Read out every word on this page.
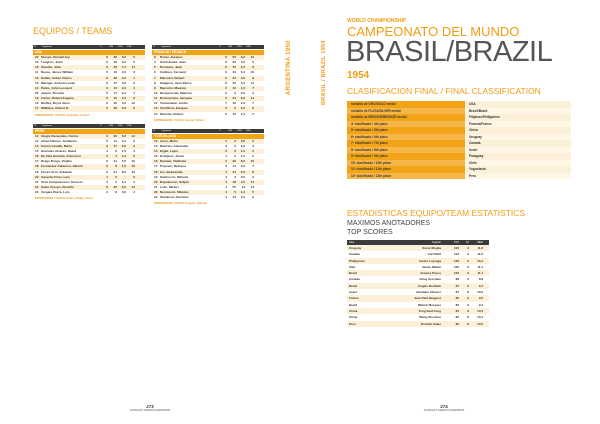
EQUIPOS / TEAMS
ARGENTINA 1950
N°	Jugadores	P	G/M	P/Mi	P/Mi
USA
20 Stoops, Donald Jay	6	30	5,0	5
19 Langlois, John	6	19	3,2	6
18 Standis, John	6	48	7,1	11
11 Reese, James William	5	10	2,0	3
15 Kelkin, Arthur Carlos	6	38	4,3	7
10 Metzger, Andrew Leslie	6	17	2,8	0
14 Parks, John Leonard	6	13	2,2	4
05 Jaspel, Thomas	5	17	3,4	7
16 Fisher, Robert Eugene	6	15	2,5	8
13 Rieffey, Bryce Allen	6	26	4,3	12
17 Williams, Robert E.	5	28	5,6	9
ENTRENADOR / COACH: Carpenter, Gordon
N°	Jugadores	P	G/M	P/Mi	P/Mi
PERU
12 Alegre Benavides, Carlos	6	30	5,0	12
13 Abad Alfonso, Guillermo	5	11	2,2	6
14 Castro Lavalle, Mario	6	17	2,8	0
15 Dezcalzo Alvarez, David	4	6	1,5	4
16 De Zela Hurtado, Francisco	3	4	1,3	0
17 Drago Burga, Virgilio	6	41	7,0	10
18 Fernandez Calderon, Alberto	6	9	1,5	10
19 Flores Arce, Eduardo	6	51	8,5	12
20 Garavito Frias, Luis	1	0	-	0
21 Ortiz Campodonico, Ernesto	2	2	1,0	2
22 Salas Crespo, Rodolfo	6	30	5,0	12
23 Vergara Burra, Luis	3	9	3,0	4
ENTRENADOR / COACH: Rojas y Rojas, Carlos
N°	Jugadores	P	G/M	P/Mi	P/Mi
FRANCIA / FRANCE
8	Perier, Jacques	6	55	9,2	10
4	Goldsbould, Jean	6	32	4,0	0
5	Perebere, Jean	6	10	1,0	9
6	Cailloux, Fernand	6	43	6,4	10
7	Marcelot, Robert	6	24	4,0	9
9	Salignon, Jean Pierre	6	10	4,3	11
8	Marcelot, Maurice	2	10	1,0	7
10 Desaymonet, Maurice	6	0	5,0	3
11 Drouvernice, Jacques	6	34	5,6	14
12 Vochemann, Andre	7	16	2,3	7
13 Chollfrod, Jacques	5	0	1,6	8
14 Monclar, Robert	5	12	2,4	7
ENTRENADOR / COACH: Busnel, Robert
N°	Jugadores	P	G/M	P/Mi	P/Mi
YUGOSLAVIA
12 Anon, Mirko	4	3	0,8	0
13 Bakovic, Alexander	3	0	0,0	3
14 Eiglei, Lajos	3	3	1,0	2
15 Kralijevic, Zoran	1	2	1,0	2
16 Demsar, Vladislav	4	26	6,5	10
17 Popovic, Nebojsa	3	14	4,6	7
18 Ivo, Aleksandar	4	21	5,3	8
19 Salcinovic, Milorad	4	2	0,5	2
20 Rajmanovic, Srdjan	4	18	4,5	11
21 Lolic, Mirkos	4	55	13	14
22 Nesticevic, Milenko	4	5	1,3	5
23 Stankovic, Borislav	4	13	3,3	6
ENTRENADOR / COACH: Popovic, Nebojsa
273
FUNDACIÓ FERRÁN FERRÁNDIZ
BRASIL / BRAZIL 1954
WORLD CHAMPIONSHIP
CAMPEONATO DEL MUNDO
BRASIL/BRAZIL
1954
CLASIFICACION FINAL / FINAL CLASSIFICATION
medalla de ORO/GOLD medal	USA
medalla de PLATA/SILVER medal	Brasil/Brazil
medalla de BRONCE/BRONZE medal	Filipinas/Philippines
4º clasificado / 4th place	Francia/France
5º clasificado / 5th place	China
6º clasificado / 6th place	Uruguay
7º clasificado / 7th place	Canada
8º clasificado / 8th place	Israel
9º clasificado / 9th place	Paraguay
10º clasificado / 10th place	Chile
11º clasificado / 11th place	Yugoslavia
12º clasificado / 12th place	Peru
ESTADISTICAS EQUIPO/TEAM ESTATISTICS
MAXIMOS ANOTADORES
TOP SCORES
País	Jugador	PTS	PJ	MED
Uruguay	Oscar Moglia	106	9	11,8
Canada	Carl Ridd	104	9	11,6
Philippines	Carlos Loyzaga	148	9	16,4
USA	James Mattar	100	9	11,1
Brazil	Amaury Pasos	100	9	11,1
Canada	Doug Gresham	88	9	9,8
Brazil	Angelo Bonfietti	87	9	9,7
Israel	Abraham Shneior	87	8	10,9
France	Jean Paul Beugnot	86	9	9,6
Brazil	Wlamir Marques	85	9	9,4
China	Tong Seat Fong	84	8	10,5
China	Wang Shi-chun	83	8	10,4
Peru	Rodolfo Salas	80	8	10,0
274
FUNDACIÓ FERRÁN FERRÁNDIZ
